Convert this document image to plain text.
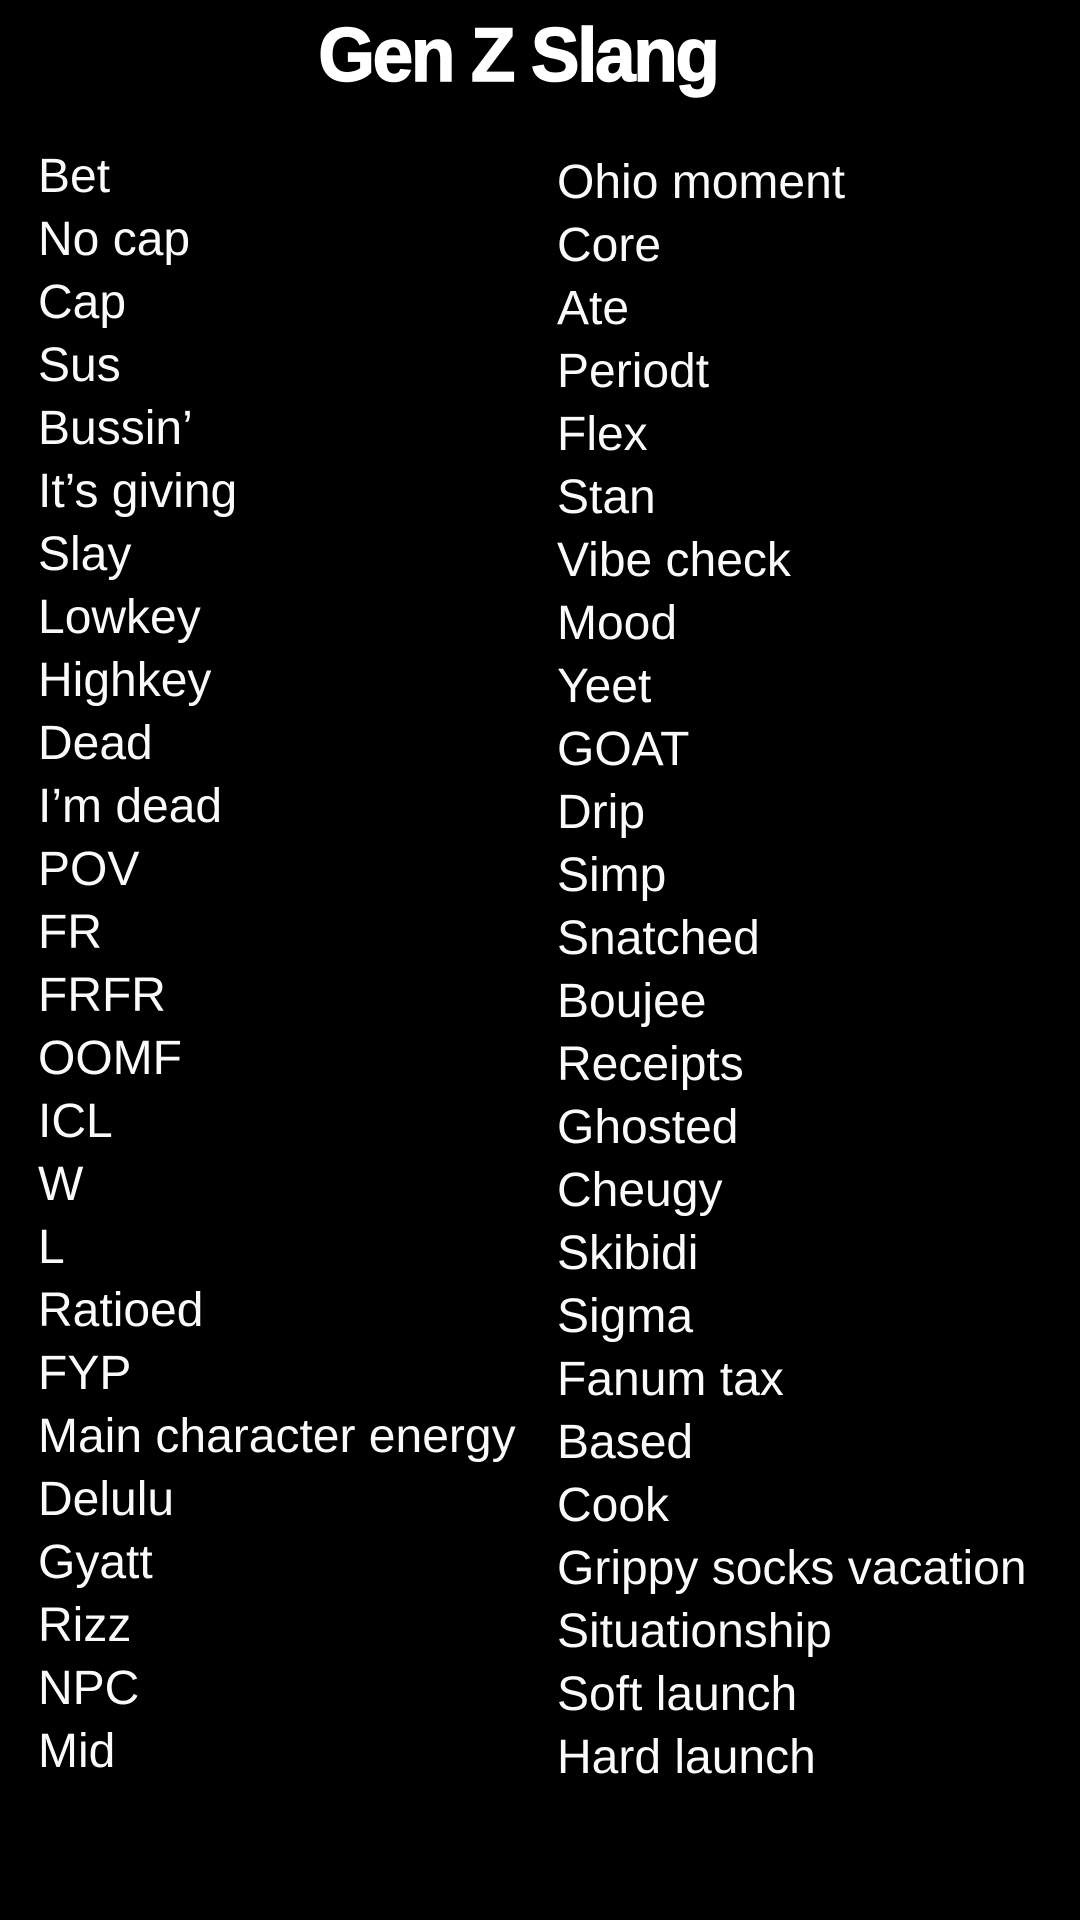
Gen Z Slang
Bet
No cap
Cap
Sus
Bussin’
It’s giving
Slay
Lowkey
Highkey
Dead
I’m dead
POV
FR
FRFR
OOMF
ICL
W
L
Ratioed
FYP
Main character energy
Delulu
Gyatt
Rizz
NPC
Mid
Ohio moment
Core
Ate
Periodt
Flex
Stan
Vibe check
Mood
Yeet
GOAT
Drip
Simp
Snatched
Boujee
Receipts
Ghosted
Cheugy
Skibidi
Sigma
Fanum tax
Based
Cook
Grippy socks vacation
Situationship
Soft launch
Hard launch
